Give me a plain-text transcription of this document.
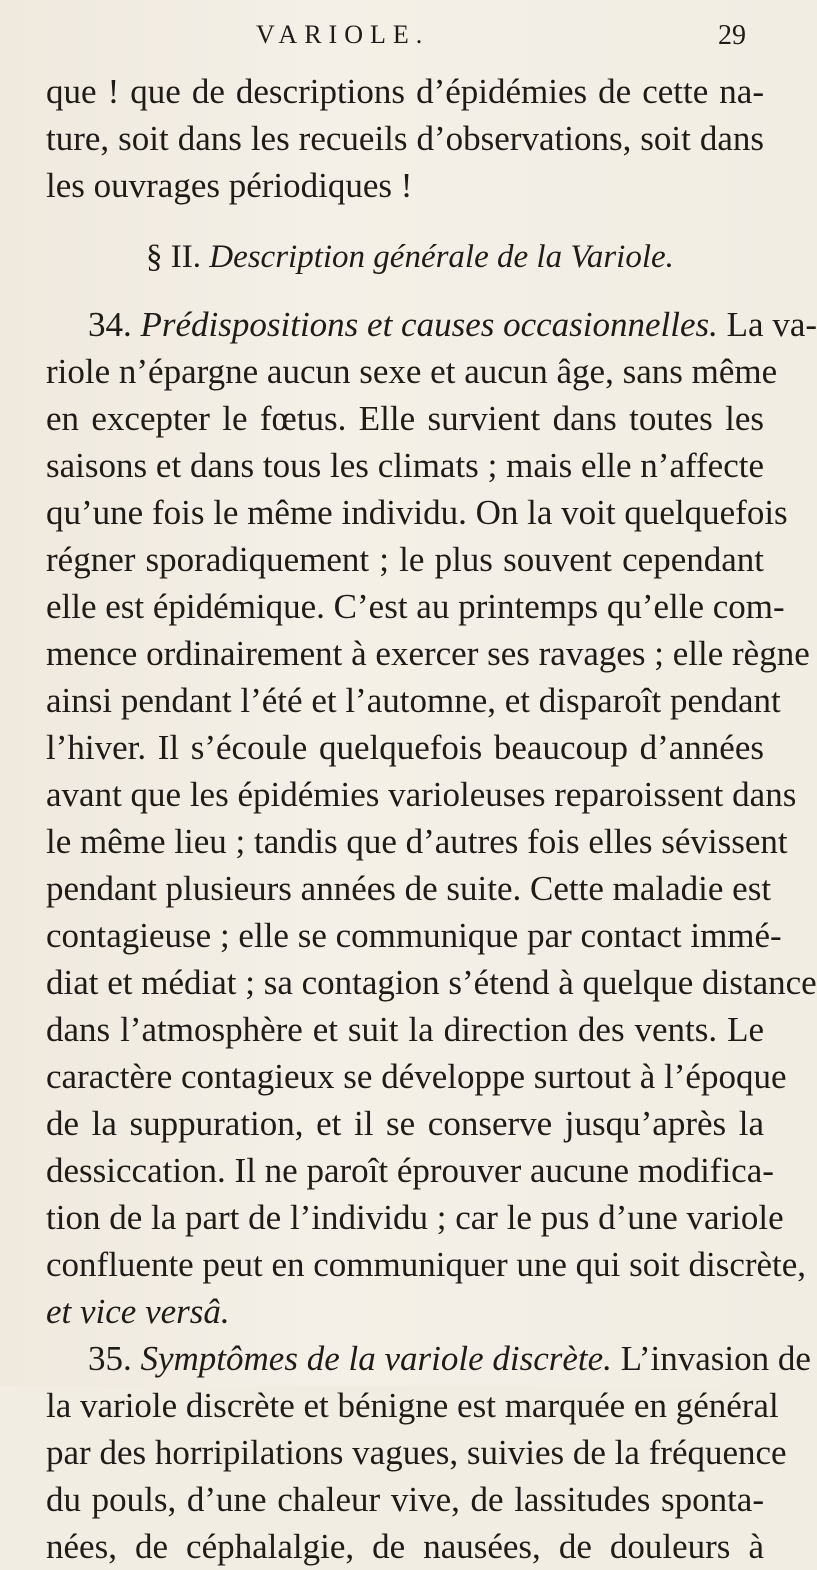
VARIOLE.	29
que ! que de descriptions d’épidémies de cette na-
ture, soit dans les recueils d’observations, soit dans
les ouvrages périodiques !
§ II. Description générale de la Variole.
34. Prédispositions et causes occasionnelles. La va-
riole n’épargne aucun sexe et aucun âge, sans même
en excepter le fœtus. Elle survient dans toutes les
saisons et dans tous les climats ; mais elle n’affecte
qu’une fois le même individu. On la voit quelquefois
régner sporadiquement ; le plus souvent cependant
elle est épidémique. C’est au printemps qu’elle com-
mence ordinairement à exercer ses ravages ; elle règne
ainsi pendant l’été et l’automne, et disparoît pendant
l’hiver. Il s’écoule quelquefois beaucoup d’années
avant que les épidémies varioleuses reparoissent dans
le même lieu ; tandis que d’autres fois elles sévissent
pendant plusieurs années de suite. Cette maladie est
contagieuse ; elle se communique par contact immé-
diat et médiat ; sa contagion s’étend à quelque distance
dans l’atmosphère et suit la direction des vents. Le
caractère contagieux se développe surtout à l’époque
de la suppuration, et il se conserve jusqu’après la
dessiccation. Il ne paroît éprouver aucune modifica-
tion de la part de l’individu ; car le pus d’une variole
confluente peut en communiquer une qui soit discrète,
et vice versâ.
35. Symptômes de la variole discrète. L’invasion de
la variole discrète et bénigne est marquée en général
par des horripilations vagues, suivies de la fréquence
du pouls, d’une chaleur vive, de lassitudes sponta-
nées, de céphalalgie, de nausées, de douleurs à
